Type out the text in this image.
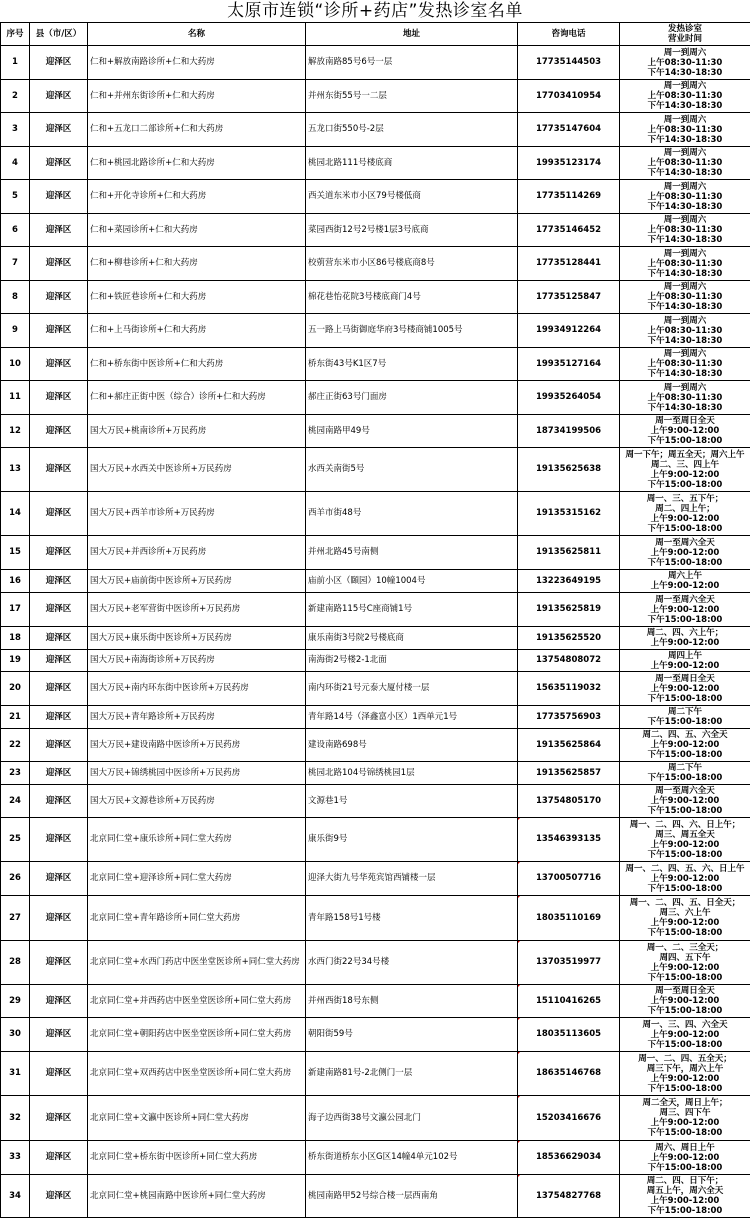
太原市连锁“诊所+药店”发热诊室名单
序号	县（市/区）	名称	地址	咨询电话	发热诊室
营业时间

1	迎泽区	仁和+解放南路诊所+仁和大药房	解放南路85号6号一层	17735144503	周一到周六
上午08:30-11:30
下午14:30-18:30

2	迎泽区	仁和+并州东街诊所+仁和大药房	并州东街55号一二层	17703410954	周一到周六
上午08:30-11:30
下午14:30-18:30

3	迎泽区	仁和+五龙口二部诊所+仁和大药房	五龙口街550号-2层	17735147604	周一到周六
上午08:30-11:30
下午14:30-18:30

4	迎泽区	仁和+桃园北路诊所+仁和大药房	桃园北路111号楼底商	19935123174	周一到周六
上午08:30-11:30
下午14:30-18:30

5	迎泽区	仁和+开化寺诊所+仁和大药房	西关道东米市小区79号楼低商	17735114269	周一到周六
上午08:30-11:30
下午14:30-18:30

6	迎泽区	仁和+菜园诊所+仁和大药房	菜园西街12号2号楼1层3号底商	17735146452	周一到周六
上午08:30-11:30
下午14:30-18:30

7	迎泽区	仁和+柳巷诊所+仁和大药房	校莂营东米市小区86号楼底商8号	17735128441	周一到周六
上午08:30-11:30
下午14:30-18:30

8	迎泽区	仁和+铁匠巷诊所+仁和大药房	棉花巷怡花院3号楼底商门4号	17735125847	周一到周六
上午08:30-11:30
下午14:30-18:30

9	迎泽区	仁和+上马街诊所+仁和大药房	五一路上马街御庭华府3号楼商铺1005号	19934912264	周一到周六
上午08:30-11:30
下午14:30-18:30

10	迎泽区	仁和+桥东街中医诊所+仁和大药房	桥东街43号K1区7号	19935127164	周一到周六
上午08:30-11:30
下午14:30-18:30

11	迎泽区	仁和+郝庄正街中医（综合）诊所+仁和大药房	郝庄正街63号门面房	19935264054	周一到周六
上午08:30-11:30
下午14:30-18:30

12	迎泽区	国大万民+桃南诊所+万民药房	桃园南路甲49号	18734199506	周一至周日全天
上午9:00-12:00
下午15:00-18:00

13	迎泽区	国大万民+水西关中医诊所+万民药房	水西关南街5号	19135625638	周一下午；周五全天；周六上午
周二、三、四上午
上午9:00-12:00
下午15:00-18:00

14	迎泽区	国大万民+西羊市诊所+万民药房	西羊市街48号	19135315162	周一、三、五下午；
周二、四上午；
上午9:00-12:00
下午15:00-18:00

15	迎泽区	国大万民+并西诊所+万民药房	并州北路45号南侧	19135625811	周一至周六全天
上午9:00-12:00
下午15:00-18:00

16	迎泽区	国大万民+庙前街中医诊所+万民药房	庙前小区（頥园）10幢1004号	13223649195	周六上午
上午9:00-12:00

17	迎泽区	国大万民+老军营街中医诊所+万民药房	新建南路115号C座商铺1号	19135625819	周一至周六全天
上午9:00-12:00
下午15:00-18:00

18	迎泽区	国大万民+康乐街中医诊所+万民药房	康乐南街3号院2号楼底商	19135625520	周二、四、六上午；
上午9:00-12:00

19	迎泽区	国大万民+南海街诊所+万民药房	南海街2号楼2-1北面	13754808072	周四上午
上午9:00-12:00

20	迎泽区	国大万民+南内环东街中医诊所+万民药房	南内环街21号元泰大厦付楼一层	15635119032	周一至周日全天
上午9:00-12:00
下午15:00-18:00

21	迎泽区	国大万民+青年路诊所+万民药房	青年路14号（泽鑫富小区）1西单元1号	17735756903	周二下午
下午15:00-18:00

22	迎泽区	国大万民+建设南路中医诊所+万民药房	建设南路698号	19135625864	周二、四、五、六全天
上午9:00-12:00
下午15:00-18:00

23	迎泽区	国大万民+锦绣桃园中医诊所+万民药房	桃园北路104号锦绣桃园1层	19135625857	周二下午
下午15:00-18:00

24	迎泽区	国大万民+文源巷诊所+万民药房	文源巷1号	13754805170	周一至周六全天
上午9:00-12:00
下午15:00-18:00

25	迎泽区	北京同仁堂+康乐诊所+同仁堂大药房	康乐街9号	13546393135	周一、二、四、六、日上午；
周三、周五全天
上午9:00-12:00
下午15:00-18:00

26	迎泽区	北京同仁堂+迎泽诊所+同仁堂大药房	迎泽大街九号华苑宾馆西铺楼一层	13700507716	周一、二、四、五、六、日上午
上午9:00-12:00
下午15:00-18:00

27	迎泽区	北京同仁堂+青年路诊所+同仁堂大药房	青年路158号1号楼	18035110169	周一、二、四、五、日全天；
周三、六上午
上午9:00-12:00
下午15:00-18:00

28	迎泽区	北京同仁堂+水西门药店中医坐堂医诊所+同仁堂大药房	水西门街22号34号楼	13703519977	周一、二、三全天；
周四、五下午
上午9:00-12:00
下午15:00-18:00

29	迎泽区	北京同仁堂+并西药店中医坐堂医诊所+同仁堂大药房	并州西街18号东侧	15110416265	周一至周日全天
上午9:00-12:00
下午15:00-18:00

30	迎泽区	北京同仁堂+朝阳药店中医坐堂医诊所+同仁堂大药房	朝阳街59号	18035113605	周一、三、四、六全天
上午9:00-12:00
下午15:00-18:00

31	迎泽区	北京同仁堂+双西药店中医坐堂医诊所+同仁堂大药房	新建南路81号-2北侧门一层	18635146768	周一、二、四、五全天；
周三下午，周六上午
上午9:00-12:00
下午15:00-18:00

32	迎泽区	北京同仁堂+文瀛中医诊所+同仁堂大药房	海子边西街38号文瀛公园北门	15203416676	周二全天，周日上午；
周三、四下午
上午9:00-12:00
下午15:00-18:00

33	迎泽区	北京同仁堂+桥东街中医诊所+同仁堂大药房	桥东街道桥东小区G区14幢4单元102号	18536629034	周六、周日上午
上午9:00-12:00
下午15:00-18:00

34	迎泽区	北京同仁堂+桃园南路中医诊所+同仁堂大药房	桃园南路甲52号综合楼一层西南角	13754827768	周二、四、日下午；
周五上午，周六全天
上午9:00-12:00
下午15:00-18:00
